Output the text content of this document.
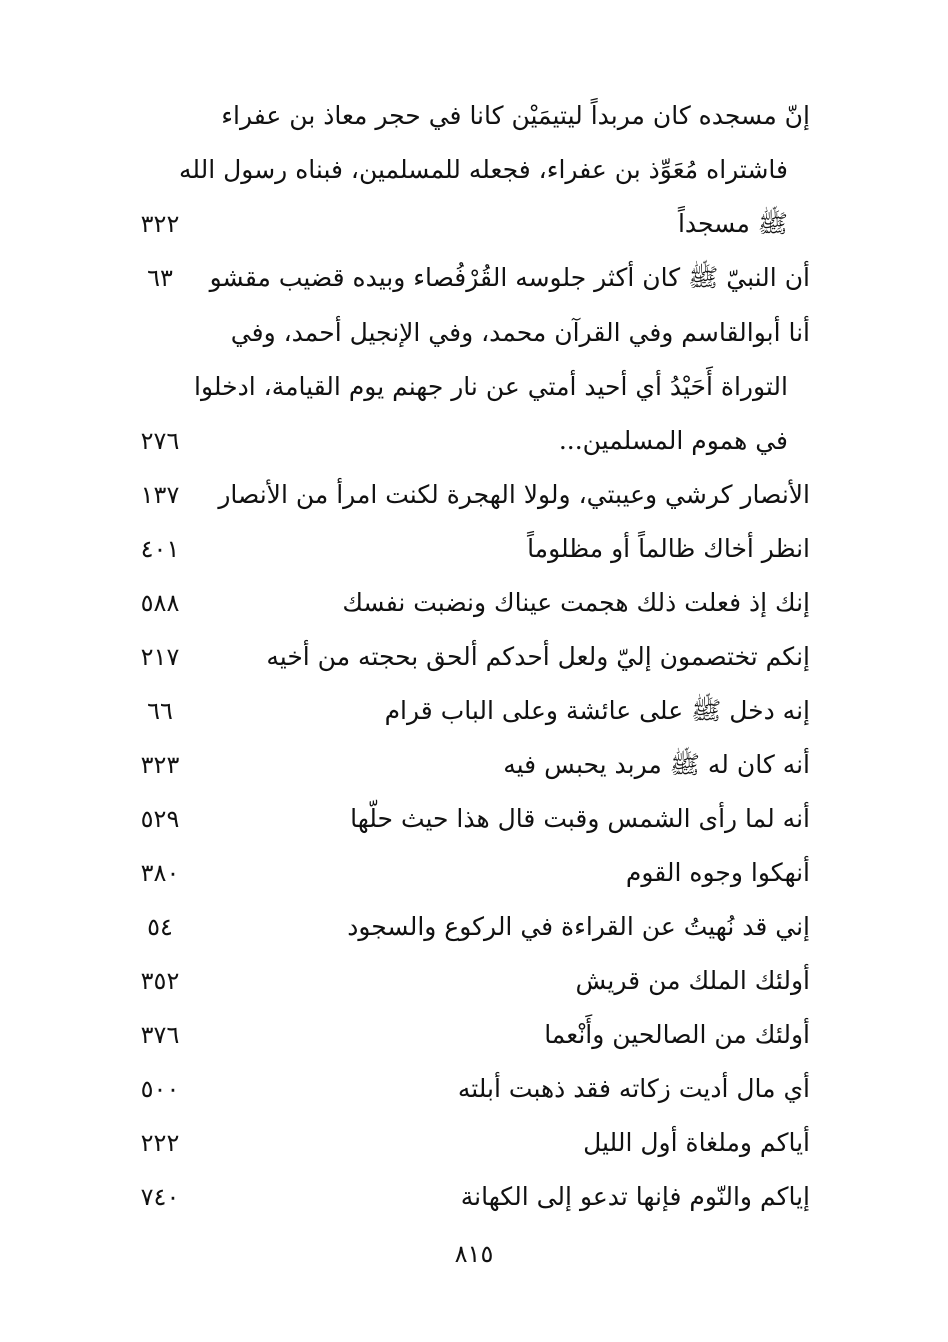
إنّ مسجده كان مربداً ليتيمَيْن كانا في حجر معاذ بن عفراء
فاشتراه مُعَوِّذ بن عفراء، فجعله للمسلمين، فبناه رسول الله
ﷺ مسجداً
٣٢٢
أن النبيّ ﷺ كان أكثر جلوسه القُرْفُصاء وبيده قضيب مقشو
٦٣
أنا أبوالقاسم وفي القرآن محمد، وفي الإنجيل أحمد، وفي
التوراة أَحَيْدُ أي أحيد أمتي عن نار جهنم يوم القيامة، ادخلوا
في هموم المسلمين...
٢٧٦
الأنصار كرشي وعيبتي، ولولا الهجرة لكنت امرأ من الأنصار
١٣٧
انظر أخاك ظالماً أو مظلوماً
٤٠١
إنك إذ فعلت ذلك هجمت عيناك ونضبت نفسك
٥٨٨
إنكم تختصمون إليّ ولعل أحدكم ألحق بحجته من أخيه
٢١٧
إنه دخل ﷺ على عائشة وعلى الباب قرام
٦٦
أنه كان له ﷺ مربد يحبس فيه
٣٢٣
أنه لما رأى الشمس وقبت قال هذا حيث حلّها
٥٢٩
أنهكوا وجوه القوم
٣٨٠
إني قد نُهيتُ عن القراءة في الركوع والسجود
٥٤
أولئك الملك من قريش
٣٥٢
أولئك من الصالحين وأَنْعما
٣٧٦
أي مال أديت زكاته فقد ذهبت أبلته
٥٠٠
أياكم وملغاة أول الليل
٢٢٢
إياكم والنّوم فإنها تدعو إلى الكهانة
٧٤٠
٨١٥
